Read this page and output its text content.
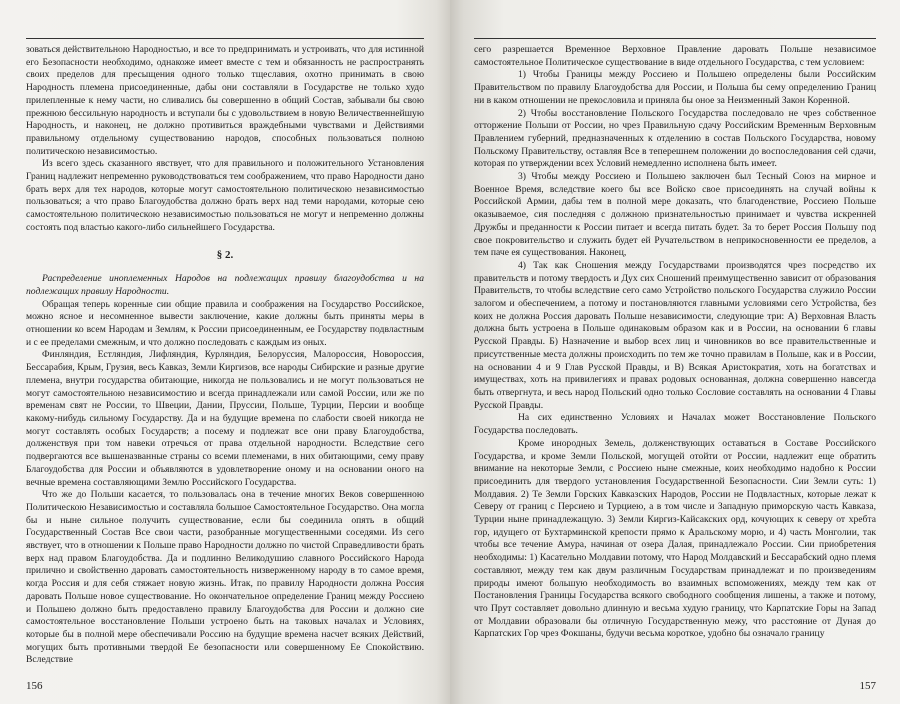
зоваться действительною Народностью, и все то предпринимать и устроивать, что для истинной его Безопасности необходимо, однакоже имеет вместе с тем и обязанность не распространять своих пределов для пресыщения одного только тщеславия, охотно принимать в свою Народность племена присоединенные, дабы они составляли в Государстве не только худо прилепленные к нему части, но сливались бы совершенно в общий Состав, забывали бы свою прежнюю бессильную народность и вступали бы с удовольствием в новую Величественнейшую Народность, и наконец, не должно противиться враждебными чувствами и Действиями правильному отдельному существованию народов, способных пользоваться полною политическою независимостью.

Из всего здесь сказанного явствует, что для правильного и положительного Установления Границ надлежит непременно руководствоваться тем соображением, что право Народности дано брать верх для тех народов, которые могут самостоятельною политическою независимостью пользоваться; а что право Благоудобства должно брать верх над теми народами, которые сею самостоятельною политическою независимостью пользоваться не могут и непременно должны состоять под властью какого-либо сильнейшего Государства.

§ 2.

Распределение иноплеменных Народов на подлежащих правилу благоудобства и на подлежащих правилу Народности.

Обращая теперь коренные сии общие правила и соображения на Государство Российское, можно ясное и несомненное вывести заключение, какие должны быть приняты меры в отношении ко всем Народам и Землям, к России присоединенным, ее Государству подвластным и с ее пределами смежным, и что должно последовать с каждым из оных.

Финляндия, Естляндия, Лифляндия, Курляндия, Белоруссия, Малороссия, Новороссия, Бессарабия, Крым, Грузия, весь Кавказ, Земли Киргизов, все народы Сибирские и разные другие племена, внутри государства обитающие, никогда не пользовались и не могут пользоваться не могут самостоятельною независимостию и всегда принадлежали или самой России, или же по временам свят не России, то Швеции, Дании, Пруссии, Польше, Турции, Персии и вообще какому-нибудь сильному Государству. Да и на будущие времена по слабости своей никогда не могут составлять особых Государств; а посему и подлежат все они праву Благоудобства, долженствуя при том навеки отречься от права отдельной народности. Вследствие сего подвергаются все вышеназванные страны со всеми племенами, в них обитающими, сему праву Благоудобства для России и объявляются в удовлетворение оному и на основании оного на вечные времена составляющими Землю Российского Государства.

Что же до Польши касается, то пользовалась она в течение многих Веков совершенною Политическою Независимостью и составляла большое Самостоятельное Государство. Она могла бы и ныне сильное получить существование, если бы соединила опять в общий Государственный Состав Все свои части, разобранные могущественными соседями. Из сего явствует, что в отношении к Польше право Народности должно по чистой Справедливости брать верх над правом Благоудобства. Да и подлинно Великодушию славного Российского Народа прилично и свойственно даровать самостоятельность низверженному народу в то самое время, когда Россия и для себя стяжает новую жизнь. Итак, по правилу Народности должна Россия даровать Польше новое существование. Но окончательное определение Границ между Россиею и Польшею должно быть предоставлено правилу Благоудобства для России и должно сие самостоятельное восстановление Польши устроено быть на таковых началах и Условиях, которые бы в полной мере обеспечивали Россию на будущие времена насчет всяких Действий, могущих быть противными твердой Ее безопасности или совершенному Ее Спокойствию. Вследствие

156

сего разрешается Временное Верховное Правление даровать Польше независимое самостоятельное Политическое существование в виде отдельного Государства, с тем условием:

1) Чтобы Границы между Россиею и Польшею определены были Российским Правительством по правилу Благоудобства для России, и Польша бы сему определению Границ ни в каком отношении не прекословила и приняла бы оное за Неизменный Закон Коренной.

2) Чтобы восстановление Польского Государства последовало не чрез собственное отторжение Польши от России, но чрез Правильную сдачу Российским Временным Верховным Правлением губерний, предназначенных к отделению в состав Польского Государства, новому Польскому Правительству, оставляя Все в теперешнем положении до воспоследования сей сдачи, которая по утверждении всех Условий немедленно исполнена быть имеет.

3) Чтобы между Россиею и Польшею заключен был Тесный Союз на мирное и Военное Время, вследствие коего бы все Войско свое присоединять на случай войны к Российской Армии, дабы тем в полной мере доказать, что благоденствие, Россиею Польше оказываемое, сия последняя с должною признательностью принимает и чувства искренней Дружбы и преданности к России питает и всегда питать будет. За то берет Россия Польшу под свое покровительство и служить будет ей Ручательством в неприкосновенности ее пределов, а тем паче ея существования. Наконец,

4) Так как Сношения между Государствами производятся чрез посредство их правительств и потому твердость и Дух сих Сношений преимущественно зависит от образования Правительств, то чтобы вследствие сего само Устройство польского Государства служило России залогом и обеспечением, а потому и постановляются главными условиями сего Устройства, без коих не должна Россия даровать Польше независимости, следующие три: А) Верховная Власть должна быть устроена в Польше одинаковым образом как и в России, на основании 6 главы Русской Правды. Б) Назначение и выбор всех лиц и чиновников во все правительственные и присутственные места должны происходить по тем же точно правилам в Польше, как и в России, на основании 4 и 9 Глав Русской Правды, и В) Всякая Аристократия, хоть на богатствах и имуществах, хоть на привилегиях и правах родовых основанная, должна совершенно навсегда быть отвергнута, и весь народ Польский одно только Сословие составлять на основании 4 Главы Русской Правды.

На сих единственно Условиях и Началах может Восстановление Польского Государства последовать.

Кроме инородных Земель, долженствующих оставаться в Составе Российского Государства, и кроме Земли Польской, могущей отойти от России, надлежит еще обратить внимание на некоторые Земли, с Россиею ныне смежные, коих необходимо надобно к России присоединить для твердого установления Государственной Безопасности. Сии Земли суть: 1) Молдавия. 2) Те Земли Горских Кавказских Народов, России не Подвластных, которые лежат к Северу от границ с Персиею и Турциею, а в том числе и Западную приморскую часть Кавказа, Турции ныне принадлежащую. 3) Земли Киргиз-Кайсакских орд, кочующих к северу от хребта гор, идущего от Бухтарминской крепости прямо к Аральскому морю, и 4) часть Монголии, так чтобы все течение Амура, начиная от озера Далая, принадлежало России. Сии приобретения необходимы: 1) Касательно Молдавии потому, что Народ Молдавский и Бессарабский одно племя составляют, между тем как двум различным Государствам принадлежат и по произведениям природы имеют большую необходимость во взаимных вспоможениях, между тем как от Постановления Границы Государства всякого свободного сообщения лишены, а также и потому, что Прут составляет довольно длинную и весьма худую границу, что Карпатские Горы на Запад от Молдавии образовали бы отличную Государственную межу, что расстояние от Дуная до Карпатских Гор чрез Фокшаны, будучи весьма короткое, удобно бы означало границу

157
